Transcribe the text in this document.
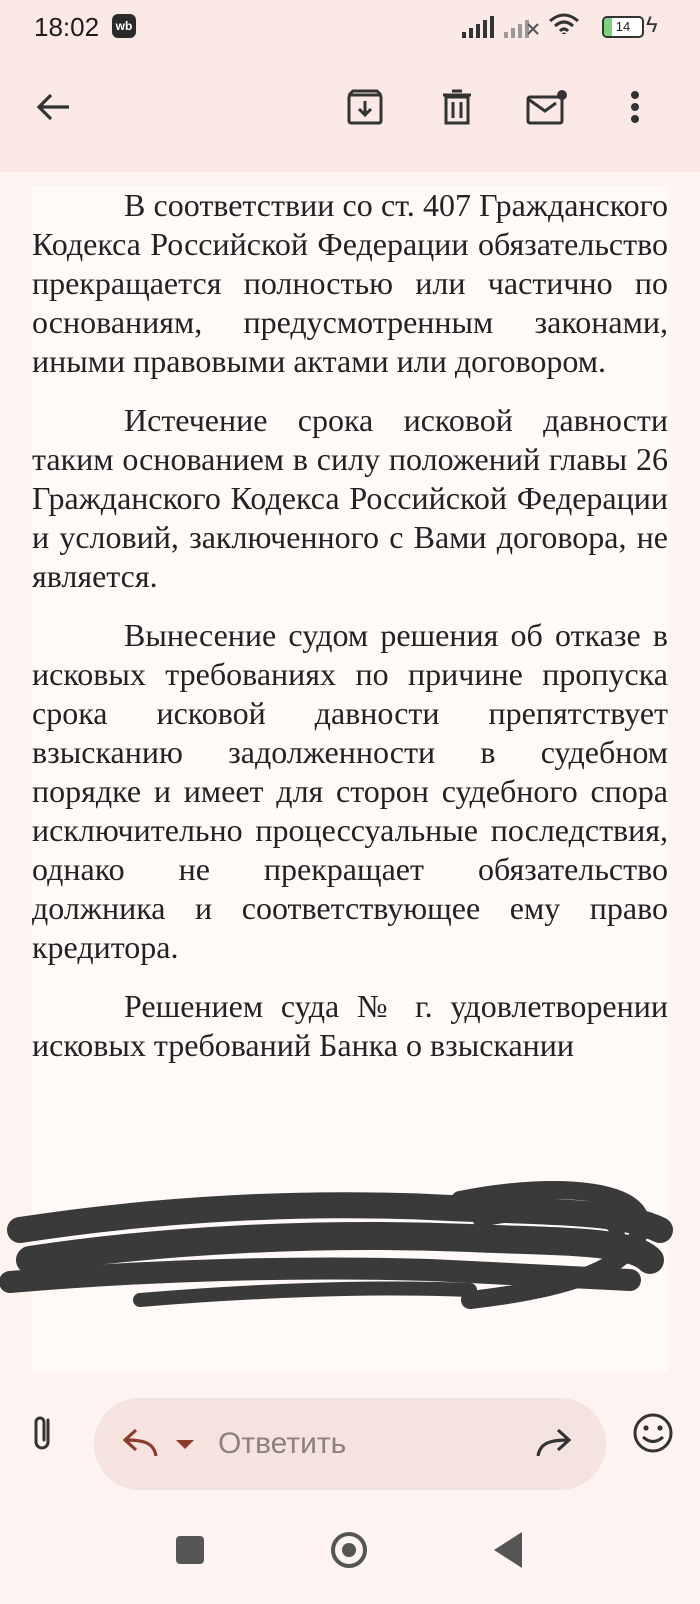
18:02	wb	14 ϟ

В соответствии со ст. 407 Гражданского Кодекса Российской Федерации обязательство прекращается полностью или частично по основаниям, предусмотренным законами, иными правовыми актами или договором.

Истечение срока исковой давности таким основанием в силу положений главы 26 Гражданского Кодекса Российской Федерации и условий, заключенного с Вами договора, не является.

Вынесение судом решения об отказе в исковых требованиях по причине пропуска срока исковой давности препятствует взысканию задолженности в судебном порядке и имеет для сторон судебного спора исключительно процессуальные последствия, однако не прекращает обязательство должника и соответствующее ему право кредитора.

Решением суда № г. удовлетворении исковых требований Банка о взыскании

Ответить
